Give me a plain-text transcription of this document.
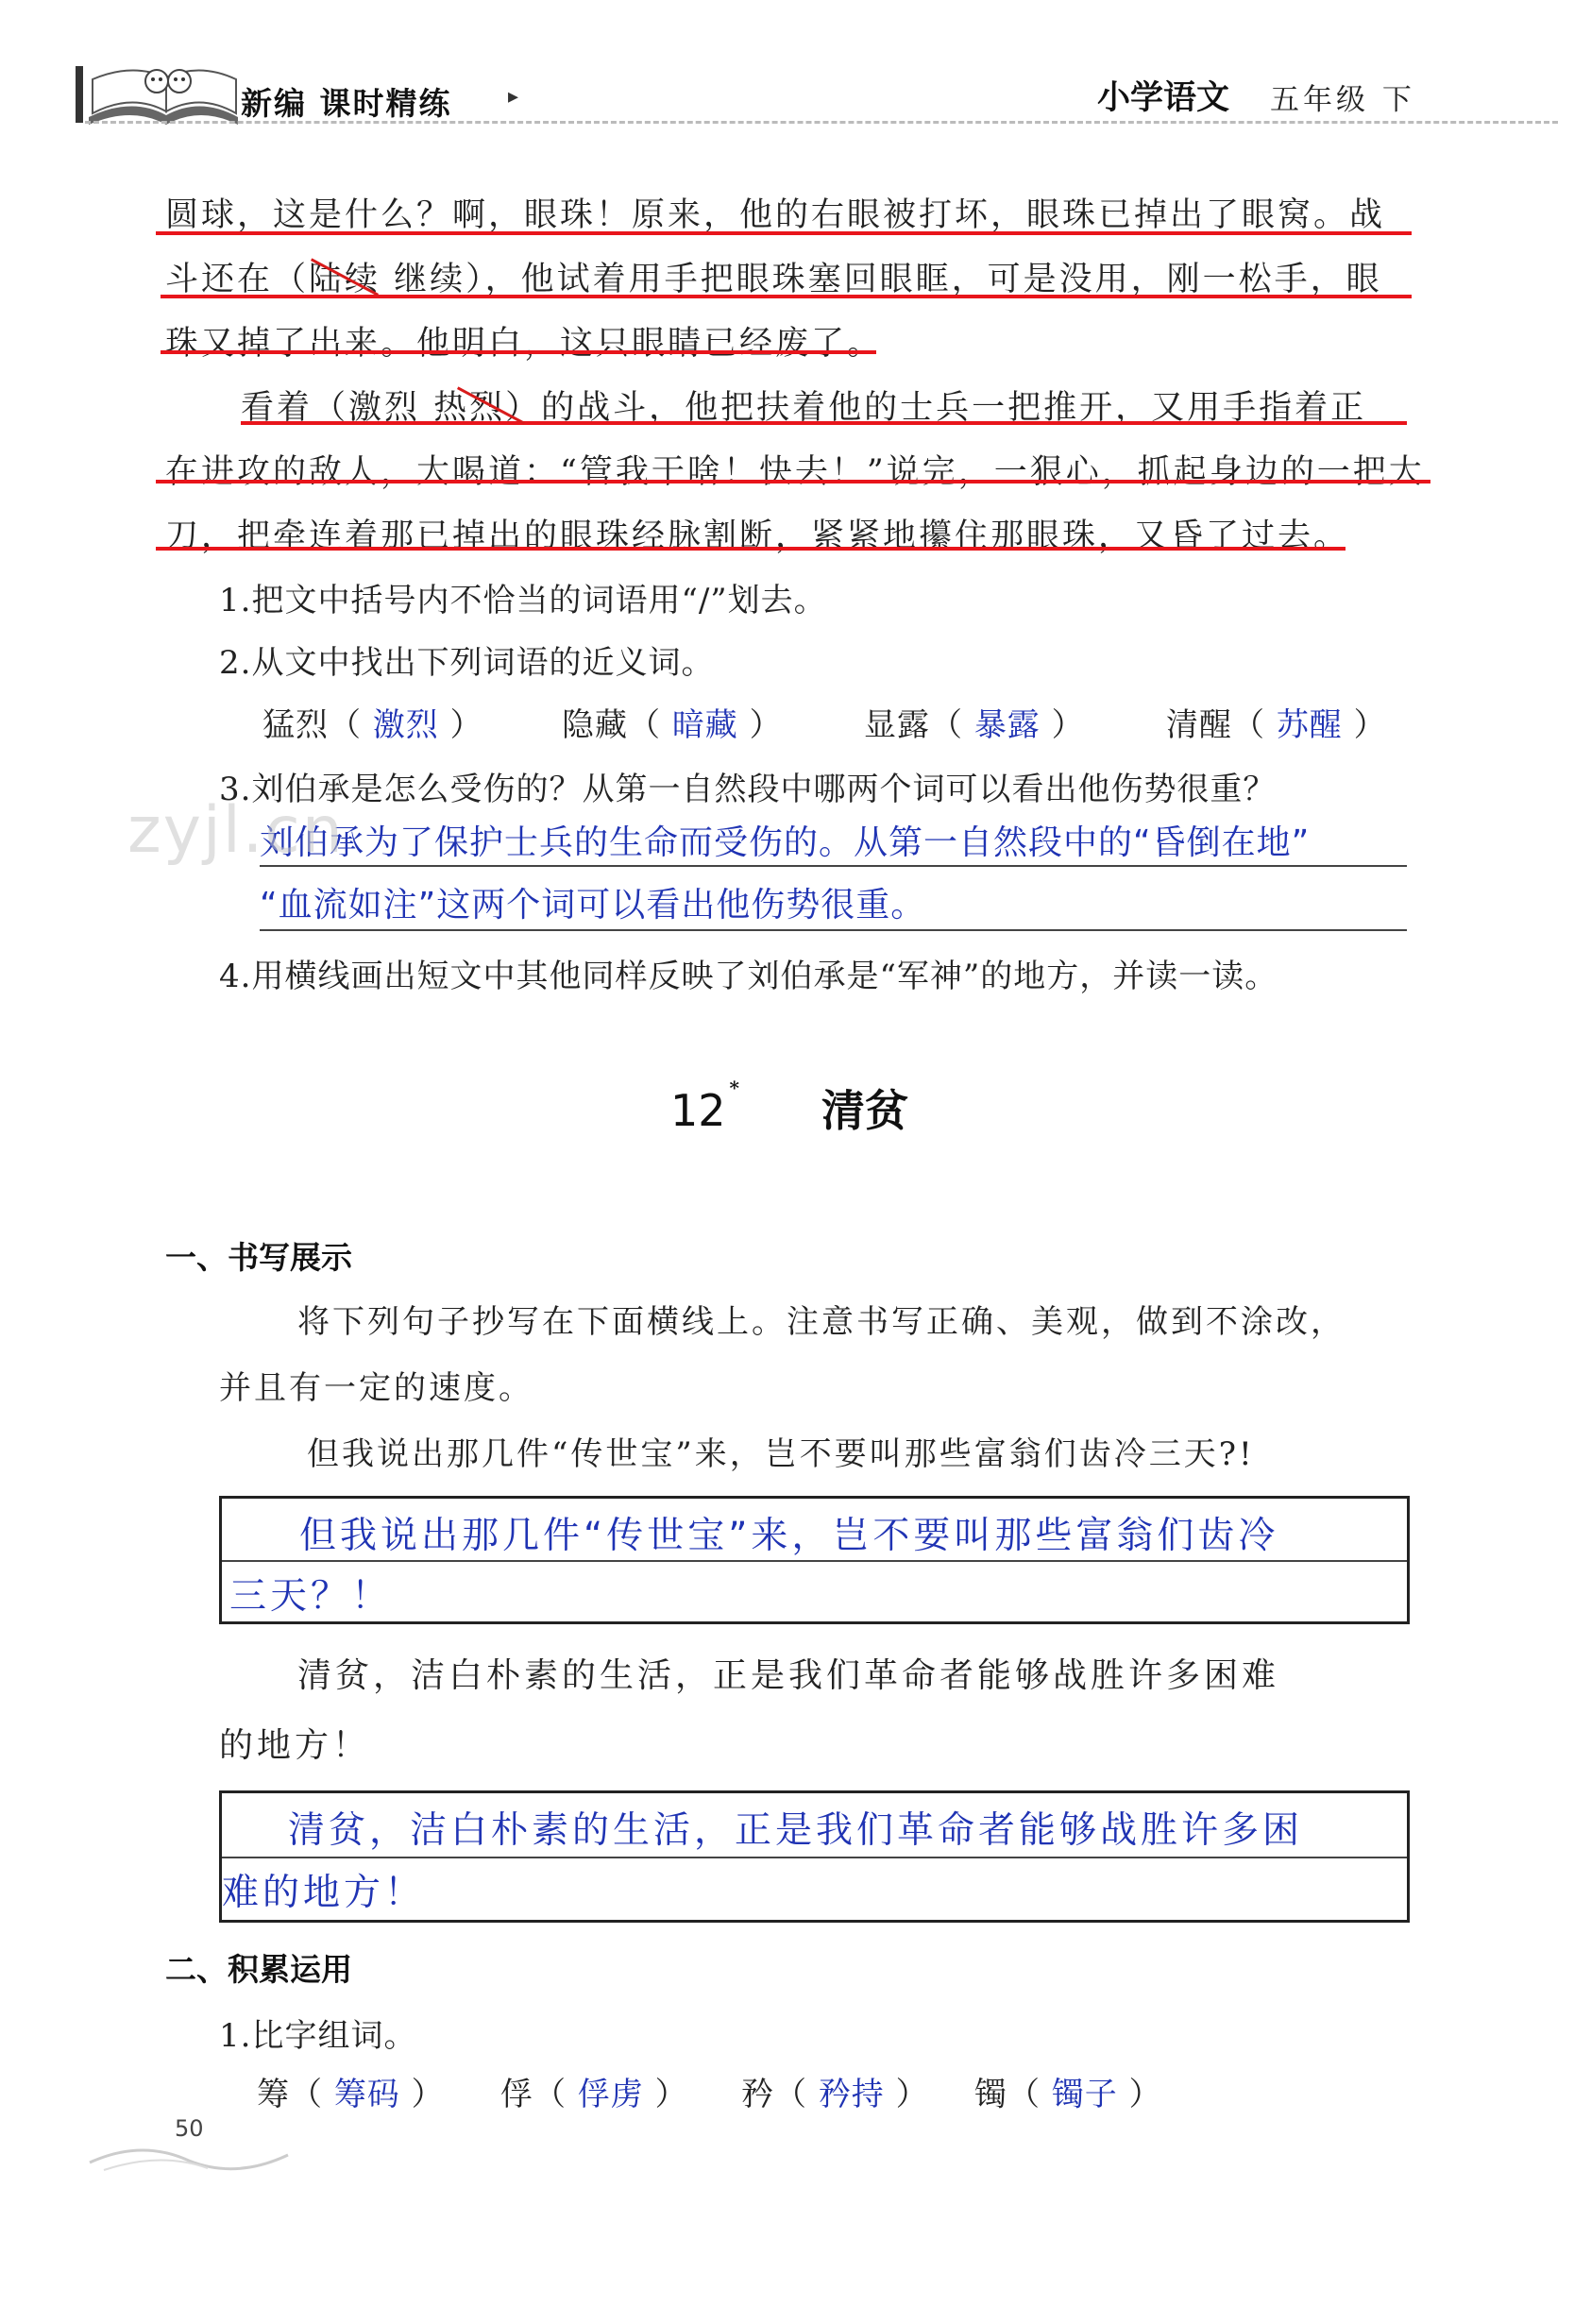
新编 课时精练	▸	小学语文 五年级 下
圆球，这是什么？啊，眼珠！原来，他的右眼被打坏，眼珠已掉出了眼窝。战
斗还在（陆续 继续），他试着用手把眼珠塞回眼眶，可是没用，刚一松手，眼
珠又掉了出来。他明白，这只眼睛已经废了。
看着（激烈 热烈）的战斗，他把扶着他的士兵一把推开，又用手指着正
在进攻的敌人，大喝道：“管我干啥！快去！”说完，一狠心，抓起身边的一把大
刀，把牵连着那已掉出的眼珠经脉割断，紧紧地攥住那眼珠，又昏了过去。
1.把文中括号内不恰当的词语用“/”划去。
2.从文中找出下列词语的近义词。
猛烈（ 激烈 ） 隐藏（ 暗藏 ）	显露（ 暴露 ）	清醒（ 苏醒 ）
3.刘伯承是怎么受伤的？从第一自然段中哪两个词可以看出他伤势很重？
刘伯承为了保护士兵的生命而受伤的。从第一自然段中的“昏倒在地”
“血流如注”这两个词可以看出他伤势很重。
4.用横线画出短文中其他同样反映了刘伯承是“军神”的地方，并读一读。
zyjl.cn
12 * 清贫
一、书写展示
将下列句子抄写在下面横线上。注意书写正确、美观，做到不涂改，
并且有一定的速度。
但我说出那几件“传世宝”来，岂不要叫那些富翁们齿冷三天?!
但我说出那几件“传世宝”来，岂不要叫那些富翁们齿冷
三天？！
清贫，洁白朴素的生活，正是我们革命者能够战胜许多困难
的地方！
清贫，洁白朴素的生活，正是我们革命者能够战胜许多困
难的地方！
二、积累运用
1.比字组词。
筹（ 筹码 ） 俘（ 俘虏 ） 矜（ 矜持 ） 镯（ 镯子 ）
50
